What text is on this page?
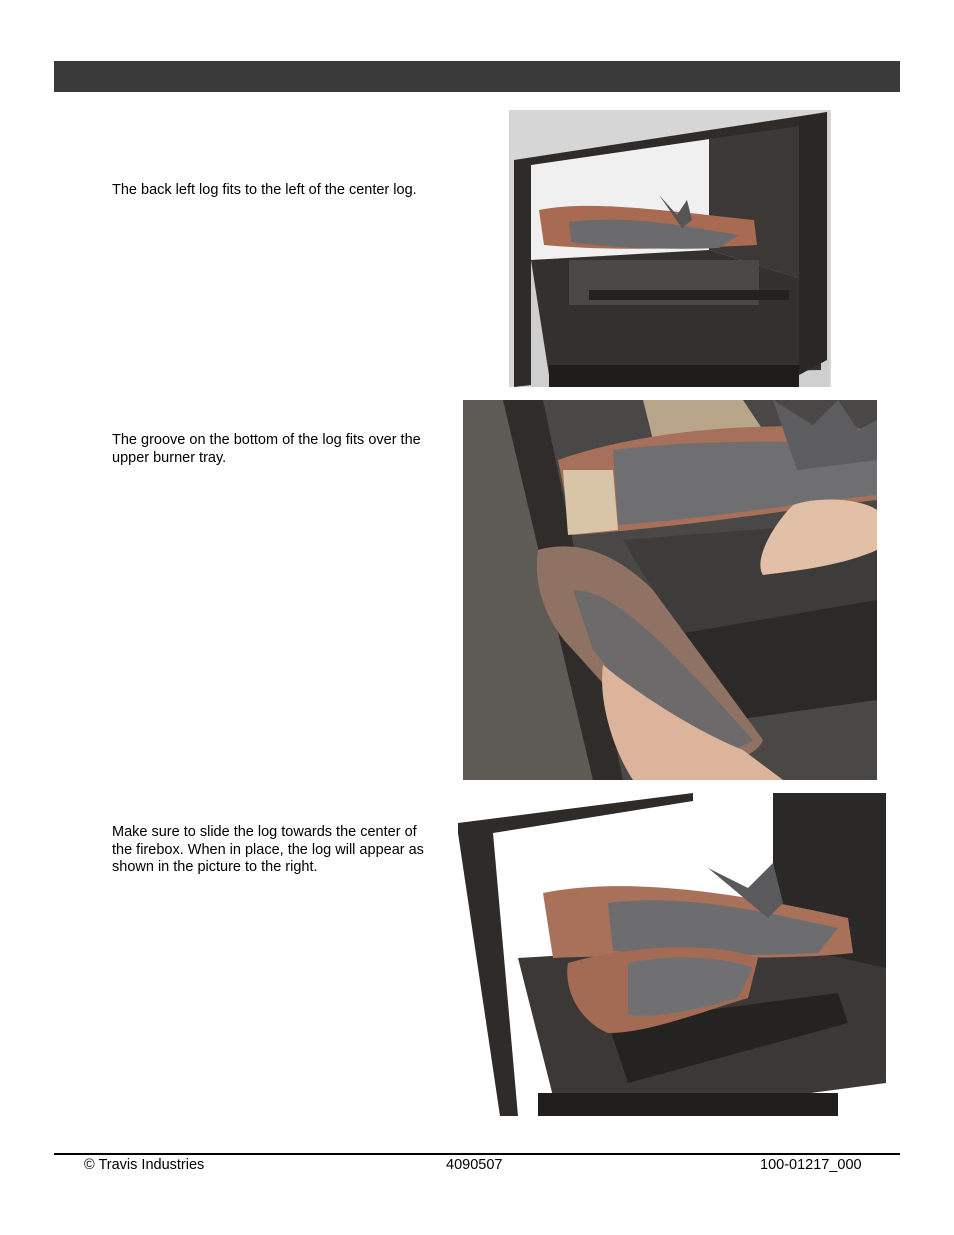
The back left log fits to the left of the center log.

The groove on the bottom of the log fits over the upper burner tray.

Make sure to slide the log towards the center of the firebox. When in place, the log will appear as shown in the picture to the right.

© Travis Industries	4090507	100-01217_000
